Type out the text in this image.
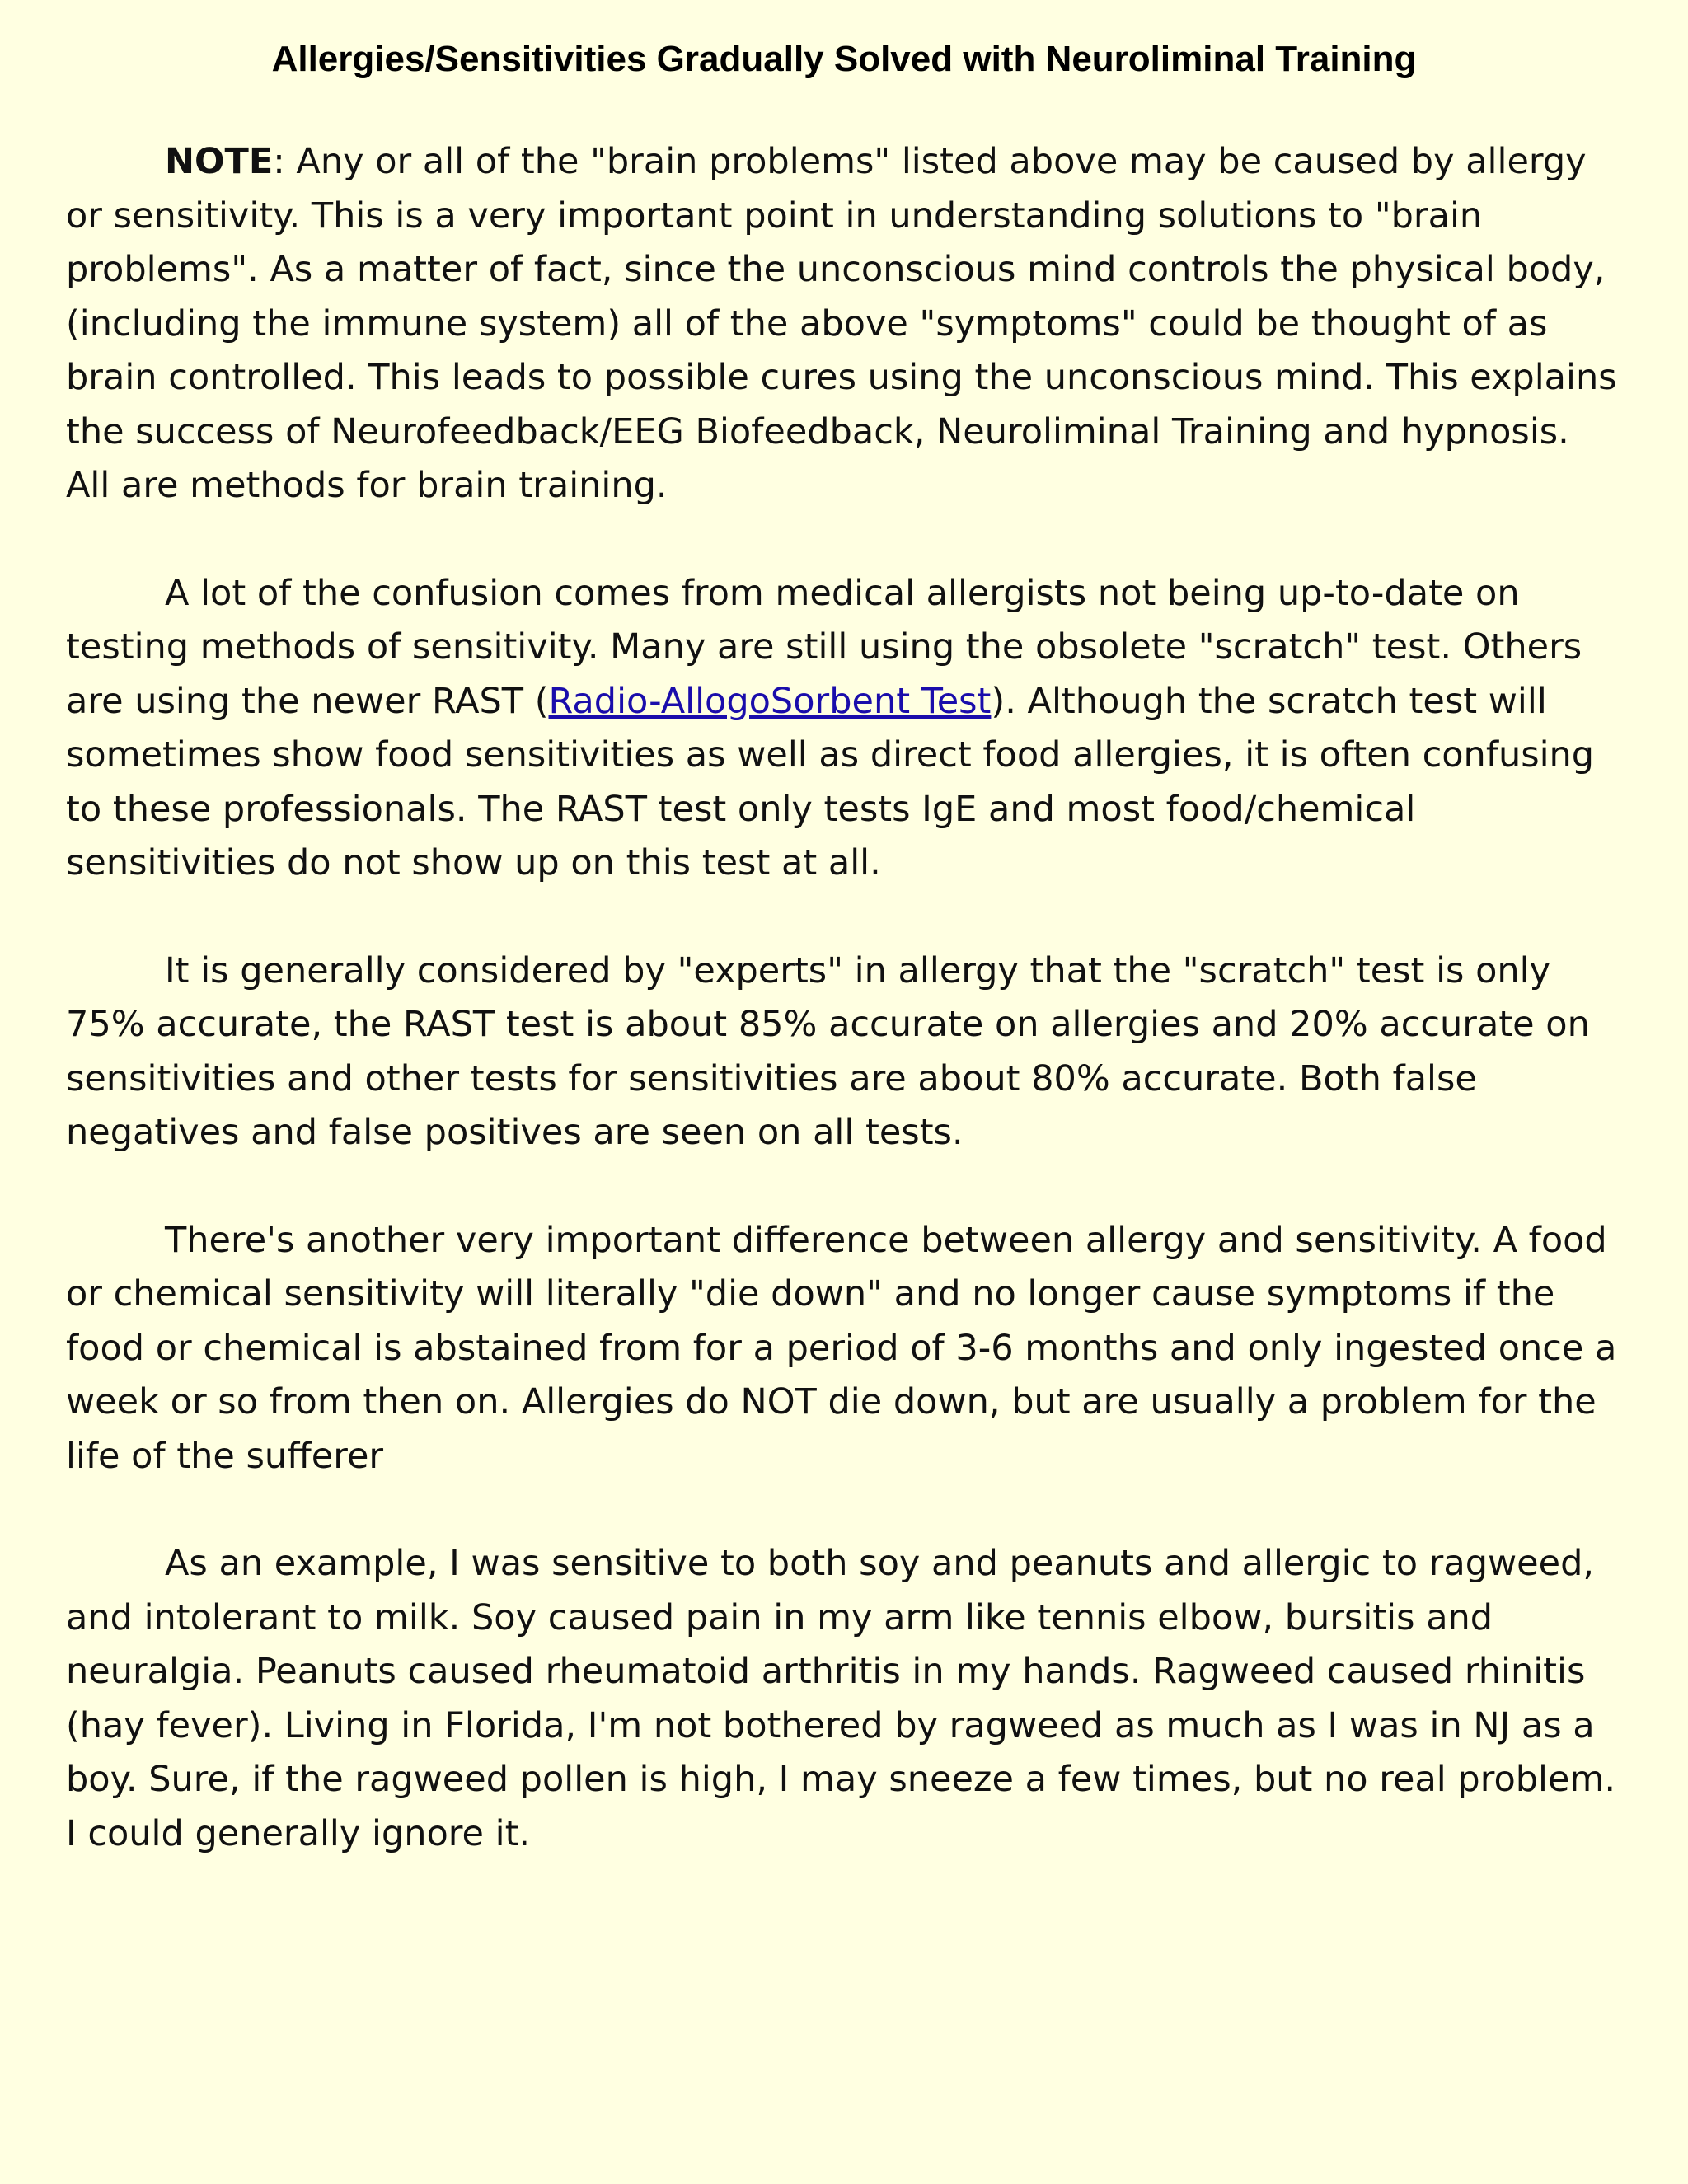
Allergies/Sensitivities Gradually Solved with Neuroliminal Training

NOTE: Any or all of the "brain problems" listed above may be caused by allergy or sensitivity. This is a very important point in understanding solutions to "brain problems". As a matter of fact, since the unconscious mind controls the physical body, (including the immune system) all of the above "symptoms" could be thought of as brain controlled. This leads to possible cures using the unconscious mind. This explains the success of Neurofeedback/EEG Biofeedback, Neuroliminal Training and hypnosis. All are methods for brain training.

A lot of the confusion comes from medical allergists not being up-to-date on testing methods of sensitivity. Many are still using the obsolete "scratch" test. Others are using the newer RAST (Radio-AllogoSorbent Test). Although the scratch test will sometimes show food sensitivities as well as direct food allergies, it is often confusing to these professionals. The RAST test only tests IgE and most food/chemical sensitivities do not show up on this test at all.

It is generally considered by "experts" in allergy that the "scratch" test is only 75% accurate, the RAST test is about 85% accurate on allergies and 20% accurate on sensitivities and other tests for sensitivities are about 80% accurate. Both false negatives and false positives are seen on all tests.

There's another very important difference between allergy and sensitivity. A food or chemical sensitivity will literally "die down" and no longer cause symptoms if the food or chemical is abstained from for a period of 3-6 months and only ingested once a week or so from then on. Allergies do NOT die down, but are usually a problem for the life of the sufferer

As an example, I was sensitive to both soy and peanuts and allergic to ragweed, and intolerant to milk. Soy caused pain in my arm like tennis elbow, bursitis and neuralgia. Peanuts caused rheumatoid arthritis in my hands. Ragweed caused rhinitis (hay fever). Living in Florida, I'm not bothered by ragweed as much as I was in NJ as a boy. Sure, if the ragweed pollen is high, I may sneeze a few times, but no real problem. I could generally ignore it.
